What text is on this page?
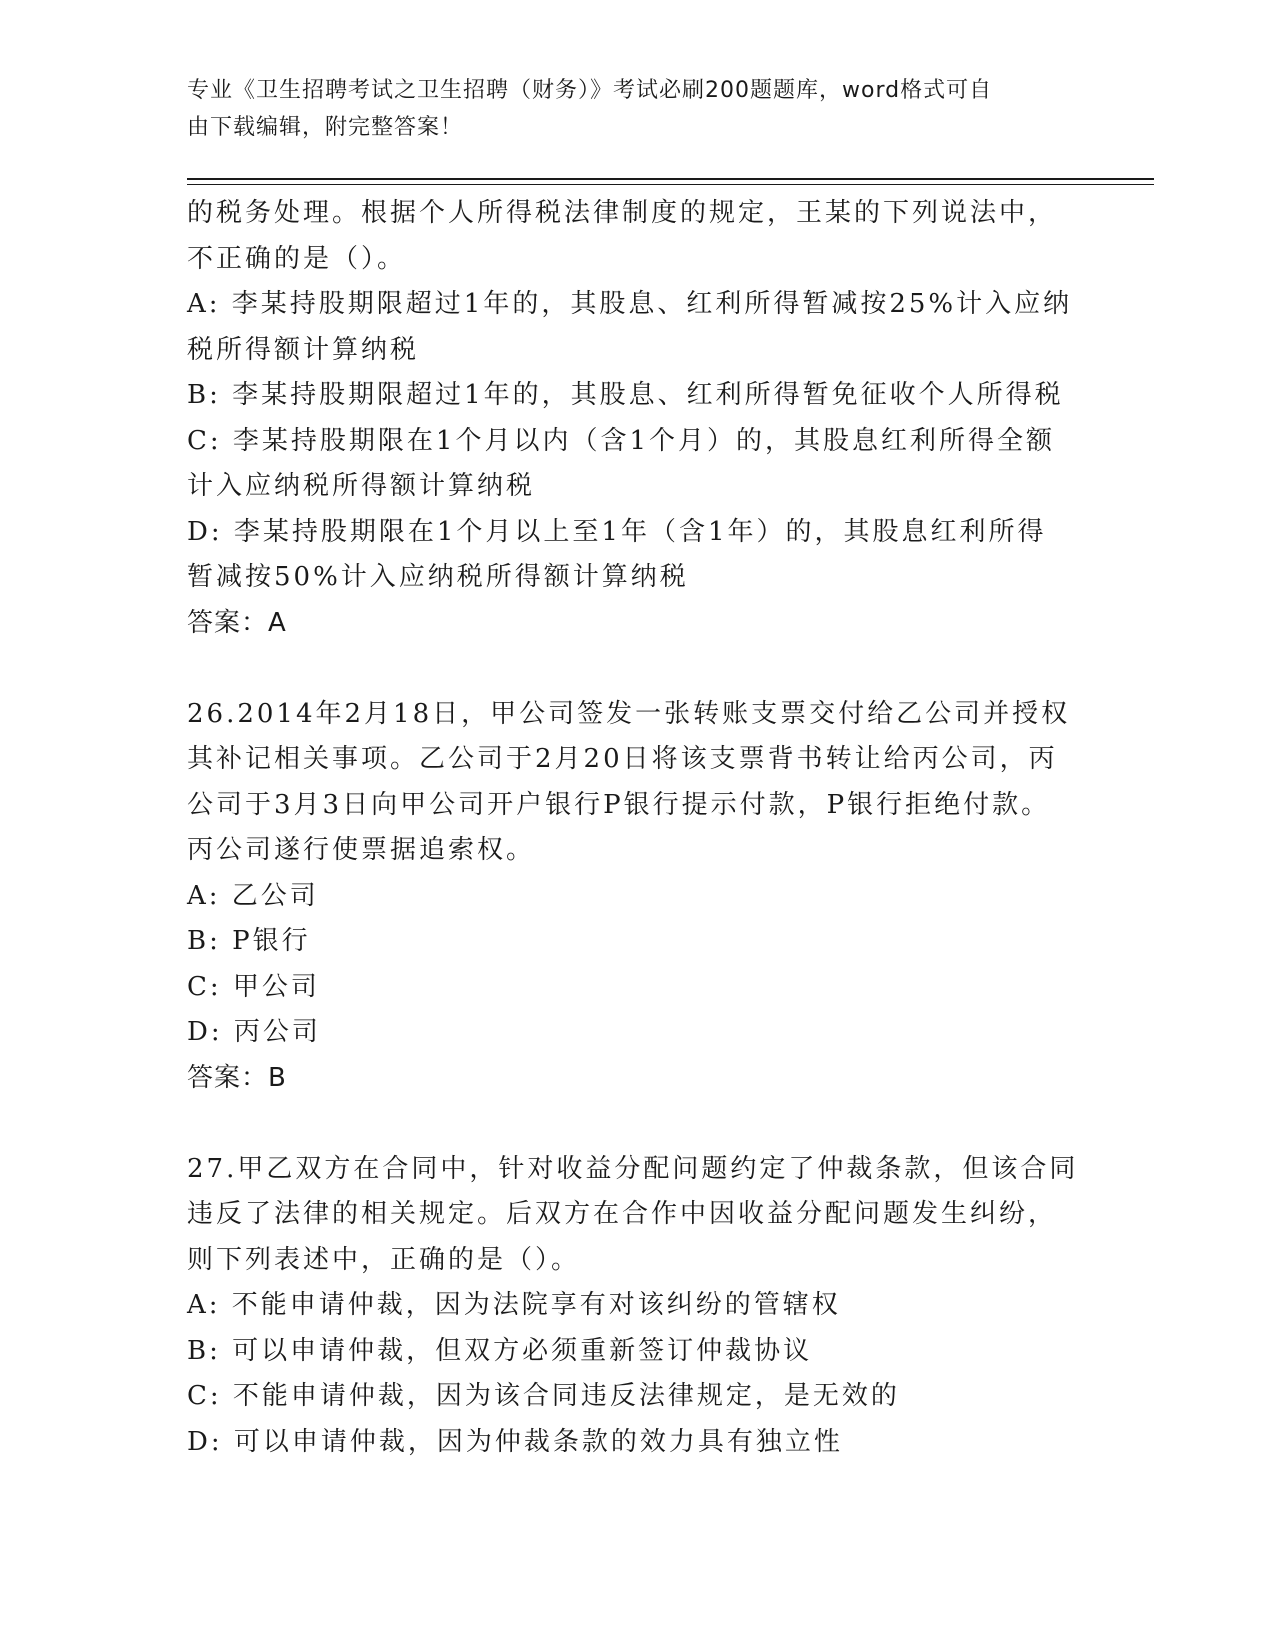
专业《卫生招聘考试之卫生招聘（财务）》考试必刷200题题库，word格式可自
由下载编辑，附完整答案！

的税务处理。根据个人所得税法律制度的规定，王某的下列说法中，

不正确的是（）。

A: 李某持股期限超过1年的，其股息、红利所得暂减按25%计入应纳

税所得额计算纳税

B: 李某持股期限超过1年的，其股息、红利所得暂免征收个人所得税

C: 李某持股期限在1个月以内（含1个月）的，其股息红利所得全额

计入应纳税所得额计算纳税

D: 李某持股期限在1个月以上至1年（含1年）的，其股息红利所得

暂减按50%计入应纳税所得额计算纳税

答案：A

26.2014年2月18日，甲公司签发一张转账支票交付给乙公司并授权

其补记相关事项。乙公司于2月20日将该支票背书转让给丙公司，丙

公司于3月3日向甲公司开户银行P银行提示付款，P银行拒绝付款。

丙公司遂行使票据追索权。

A: 乙公司

B: P银行

C: 甲公司

D: 丙公司

答案：B

27.甲乙双方在合同中，针对收益分配问题约定了仲裁条款，但该合同

违反了法律的相关规定。后双方在合作中因收益分配问题发生纠纷，

则下列表述中，正确的是（）。

A: 不能申请仲裁，因为法院享有对该纠纷的管辖权

B: 可以申请仲裁，但双方必须重新签订仲裁协议

C: 不能申请仲裁，因为该合同违反法律规定，是无效的

D: 可以申请仲裁，因为仲裁条款的效力具有独立性
